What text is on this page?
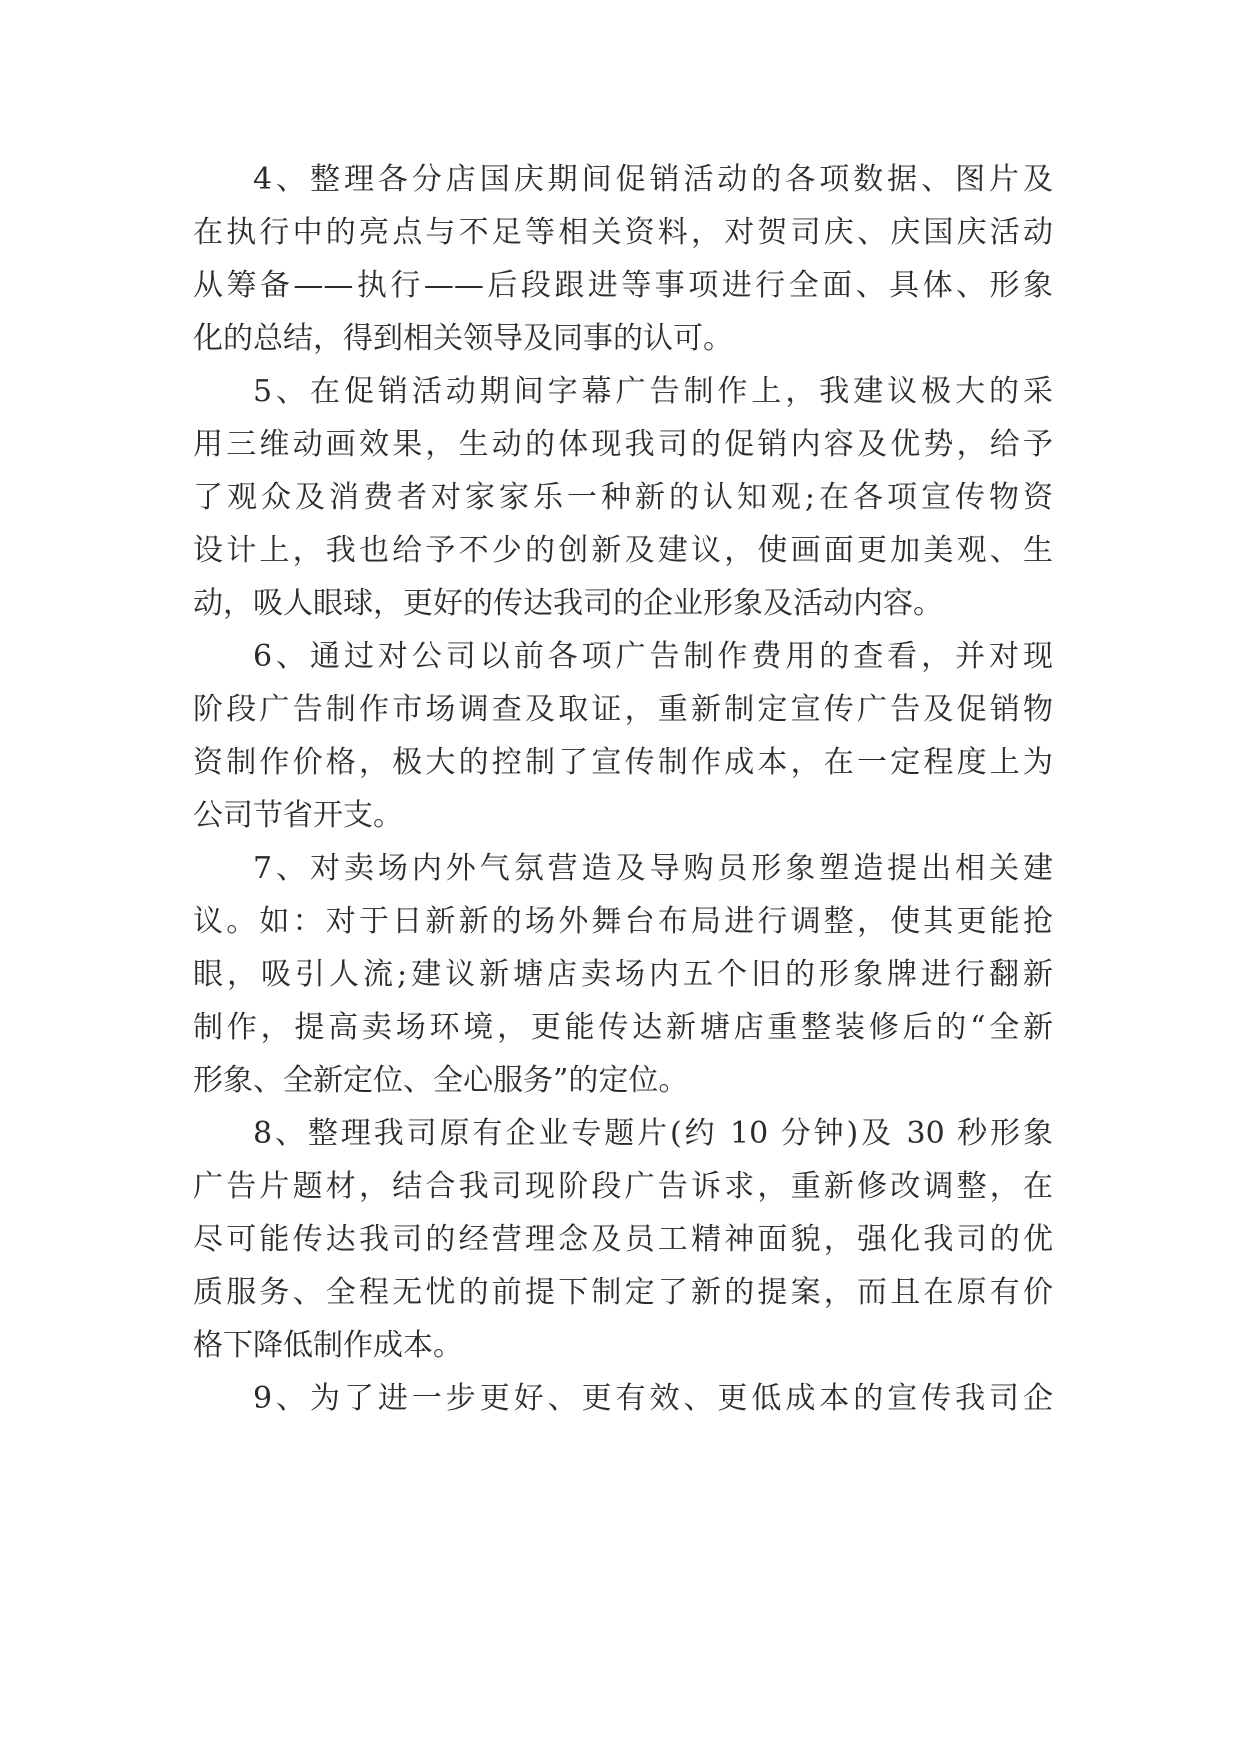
4、整理各分店国庆期间促销活动的各项数据、图片及
在执行中的亮点与不足等相关资料，对贺司庆、庆国庆活动
从筹备——执行——后段跟进等事项进行全面、具体、形象
化的总结，得到相关领导及同事的认可。
5、在促销活动期间字幕广告制作上，我建议极大的采
用三维动画效果，生动的体现我司的促销内容及优势，给予
了观众及消费者对家家乐一种新的认知观;在各项宣传物资
设计上，我也给予不少的创新及建议，使画面更加美观、生
动，吸人眼球，更好的传达我司的企业形象及活动内容。
6、通过对公司以前各项广告制作费用的查看，并对现
阶段广告制作市场调查及取证，重新制定宣传广告及促销物
资制作价格，极大的控制了宣传制作成本，在一定程度上为
公司节省开支。
7、对卖场内外气氛营造及导购员形象塑造提出相关建
议。如：对于日新新的场外舞台布局进行调整，使其更能抢
眼，吸引人流;建议新塘店卖场内五个旧的形象牌进行翻新
制作，提高卖场环境，更能传达新塘店重整装修后的“全新
形象、全新定位、全心服务”的定位。
8、整理我司原有企业专题片(约 10 分钟)及 30 秒形象
广告片题材，结合我司现阶段广告诉求，重新修改调整，在
尽可能传达我司的经营理念及员工精神面貌，强化我司的优
质服务、全程无忧的前提下制定了新的提案，而且在原有价
格下降低制作成本。
9、为了进一步更好、更有效、更低成本的宣传我司企
